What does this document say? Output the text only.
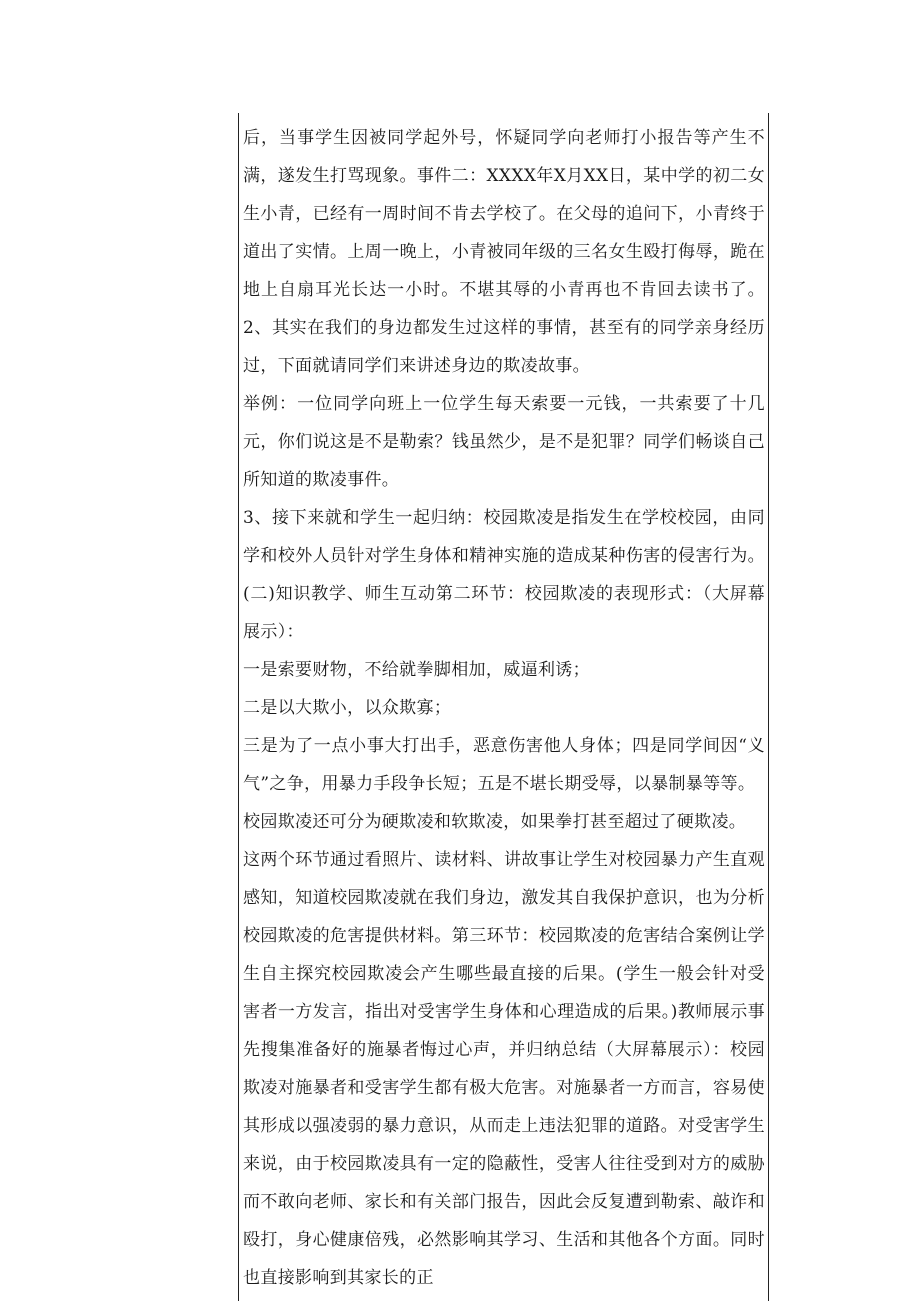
后，当事学生因被同学起外号，怀疑同学向老师打小报告等产生不满，遂发生打骂现象。事件二：XXXX年X月XX日，某中学的初二女生小青，已经有一周时间不肯去学校了。在父母的追问下，小青终于道出了实情。上周一晚上，小青被同年级的三名女生殴打侮辱，跪在地上自扇耳光长达一小时。不堪其辱的小青再也不肯回去读书了。2、其实在我们的身边都发生过这样的事情，甚至有的同学亲身经历过，下面就请同学们来讲述身边的欺凌故事。

举例：一位同学向班上一位学生每天索要一元钱，一共索要了十几元，你们说这是不是勒索？钱虽然少，是不是犯罪？同学们畅谈自己所知道的欺凌事件。

3、接下来就和学生一起归纳：校园欺凌是指发生在学校校园，由同学和校外人员针对学生身体和精神实施的造成某种伤害的侵害行为。(二)知识教学、师生互动第二环节：校园欺凌的表现形式：（大屏幕展示）：

一是索要财物，不给就拳脚相加，威逼利诱；

二是以大欺小，以众欺寡；

三是为了一点小事大打出手，恶意伤害他人身体；四是同学间因“义气”之争，用暴力手段争长短；五是不堪长期受辱，以暴制暴等等。

校园欺凌还可分为硬欺凌和软欺凌，如果拳打甚至超过了硬欺凌。

这两个环节通过看照片、读材料、讲故事让学生对校园暴力产生直观感知，知道校园欺凌就在我们身边，激发其自我保护意识，也为分析校园欺凌的危害提供材料。第三环节：校园欺凌的危害结合案例让学生自主探究校园欺凌会产生哪些最直接的后果。(学生一般会针对受害者一方发言，指出对受害学生身体和心理造成的后果。)教师展示事先搜集准备好的施暴者悔过心声，并归纳总结（大屏幕展示）：校园欺凌对施暴者和受害学生都有极大危害。对施暴者一方而言，容易使其形成以强凌弱的暴力意识，从而走上违法犯罪的道路。对受害学生来说，由于校园欺凌具有一定的隐蔽性，受害人往往受到对方的威胁而不敢向老师、家长和有关部门报告，因此会反复遭到勒索、敲诈和殴打，身心健康倍残，必然影响其学习、生活和其他各个方面。同时也直接影响到其家长的正
